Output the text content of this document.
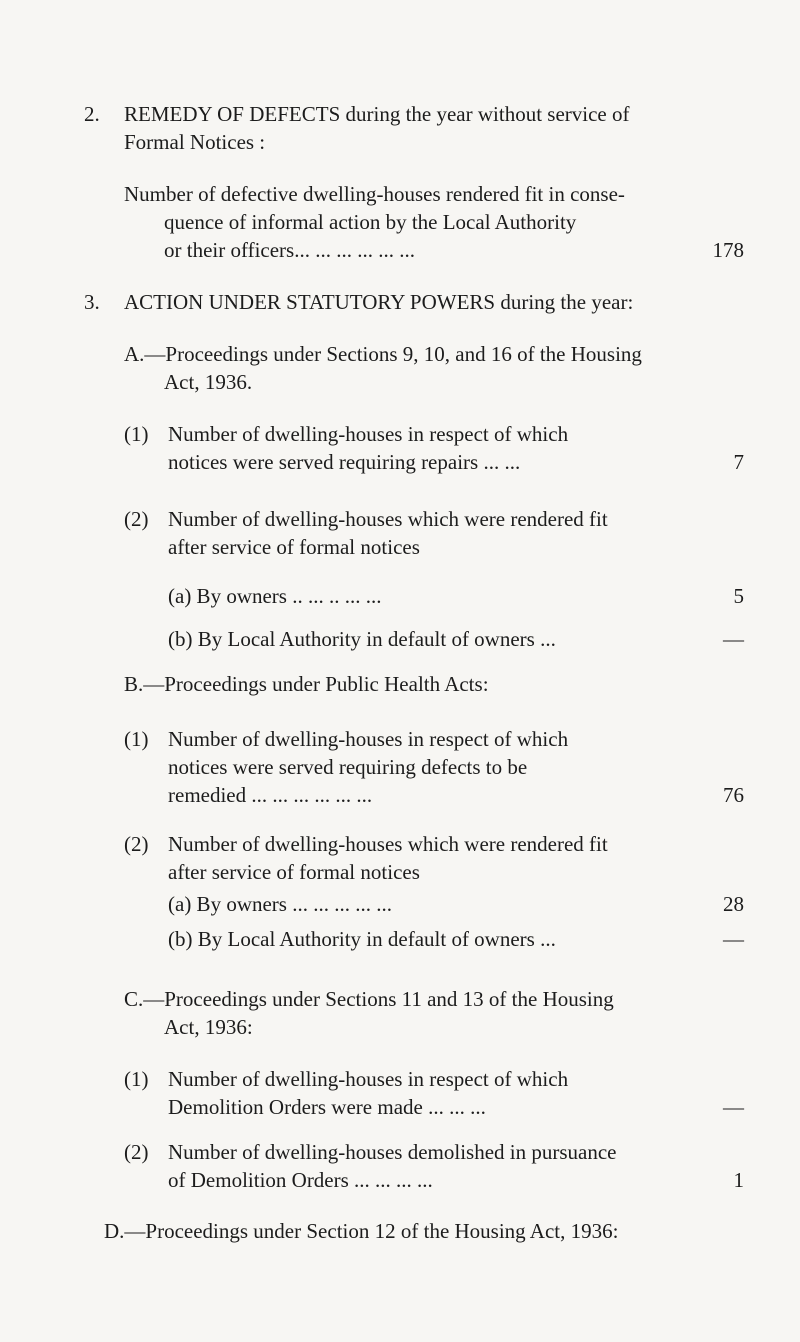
2. REMEDY OF DEFECTS during the year without service of
Formal Notices :
Number of defective dwelling-houses rendered fit in conse-
quence of informal action by the Local Authority
or their officers... ... ... ... ... ...	178
3. ACTION UNDER STATUTORY POWERS during the year:
A.—Proceedings under Sections 9, 10, and 16 of the Housing
Act, 1936.
(1) Number of dwelling-houses in respect of which
notices were served requiring repairs ... ...	7
(2) Number of dwelling-houses which were rendered fit
after service of formal notices
(a) By owners .. ... .. ... ...	5
(b) By Local Authority in default of owners ...	—
B.—Proceedings under Public Health Acts:
(1) Number of dwelling-houses in respect of which
notices were served requiring defects to be
remedied ... ... ... ... ... ...	76
(2) Number of dwelling-houses which were rendered fit
after service of formal notices
(a) By owners ... ... ... ... ...	28
(b) By Local Authority in default of owners ...	—
C.—Proceedings under Sections 11 and 13 of the Housing
Act, 1936:
(1) Number of dwelling-houses in respect of which
Demolition Orders were made ... ... ...	—
(2) Number of dwelling-houses demolished in pursuance
of Demolition Orders ... ... ... ...	1
D.—Proceedings under Section 12 of the Housing Act, 1936:
